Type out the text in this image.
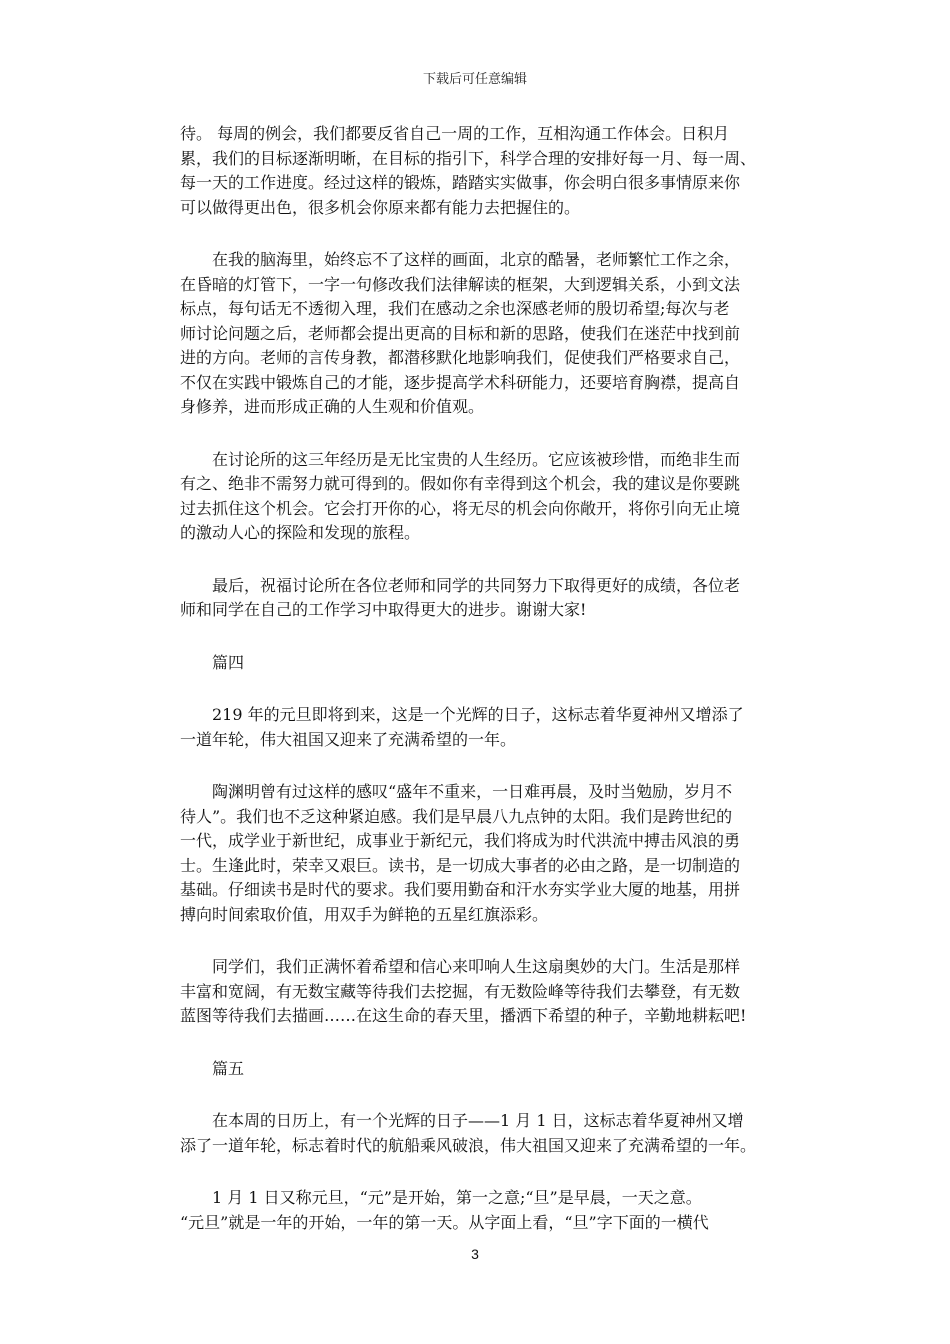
下载后可任意编辑

待。 每周的例会，我们都要反省自己一周的工作，互相沟通工作体会。日积月
累，我们的目标逐渐明晰，在目标的指引下，科学合理的安排好每一月、每一周、
每一天的工作进度。经过这样的锻炼，踏踏实实做事，你会明白很多事情原来你
可以做得更出色，很多机会你原来都有能力去把握住的。

　　在我的脑海里，始终忘不了这样的画面，北京的酷暑，老师繁忙工作之余，
在昏暗的灯管下，一字一句修改我们法律解读的框架，大到逻辑关系，小到文法
标点，每句话无不透彻入理，我们在感动之余也深感老师的殷切希望;每次与老
师讨论问题之后，老师都会提出更高的目标和新的思路，使我们在迷茫中找到前
进的方向。老师的言传身教，都潜移默化地影响我们，促使我们严格要求自己，
不仅在实践中锻炼自己的才能，逐步提高学术科研能力，还要培育胸襟，提高自
身修养，进而形成正确的人生观和价值观。

　　在讨论所的这三年经历是无比宝贵的人生经历。它应该被珍惜，而绝非生而
有之、绝非不需努力就可得到的。假如你有幸得到这个机会，我的建议是你要跳
过去抓住这个机会。它会打开你的心，将无尽的机会向你敞开，将你引向无止境
的激动人心的探险和发现的旅程。

　　最后，祝福讨论所在各位老师和同学的共同努力下取得更好的成绩，各位老
师和同学在自己的工作学习中取得更大的进步。谢谢大家!

　　篇四

　　219 年的元旦即将到来，这是一个光辉的日子，这标志着华夏神州又增添了
一道年轮，伟大祖国又迎来了充满希望的一年。

　　陶渊明曾有过这样的感叹“盛年不重来，一日难再晨，及时当勉励，岁月不
待人”。我们也不乏这种紧迫感。我们是早晨八九点钟的太阳。我们是跨世纪的
一代，成学业于新世纪，成事业于新纪元，我们将成为时代洪流中搏击风浪的勇
士。生逢此时，荣幸又艰巨。读书，是一切成大事者的必由之路，是一切制造的
基础。仔细读书是时代的要求。我们要用勤奋和汗水夯实学业大厦的地基，用拼
搏向时间索取价值，用双手为鲜艳的五星红旗添彩。

　　同学们，我们正满怀着希望和信心来叩响人生这扇奥妙的大门。生活是那样
丰富和宽阔，有无数宝藏等待我们去挖掘，有无数险峰等待我们去攀登，有无数
蓝图等待我们去描画……在这生命的春天里，播洒下希望的种子，辛勤地耕耘吧!

　　篇五

　　在本周的日历上，有一个光辉的日子——1 月 1 日，这标志着华夏神州又增
添了一道年轮，标志着时代的航船乘风破浪，伟大祖国又迎来了充满希望的一年。

　　1 月 1 日又称元旦，“元”是开始，第一之意;“旦”是早晨，一天之意。
“元旦”就是一年的开始，一年的第一天。从字面上看，“旦”字下面的一横代

3
